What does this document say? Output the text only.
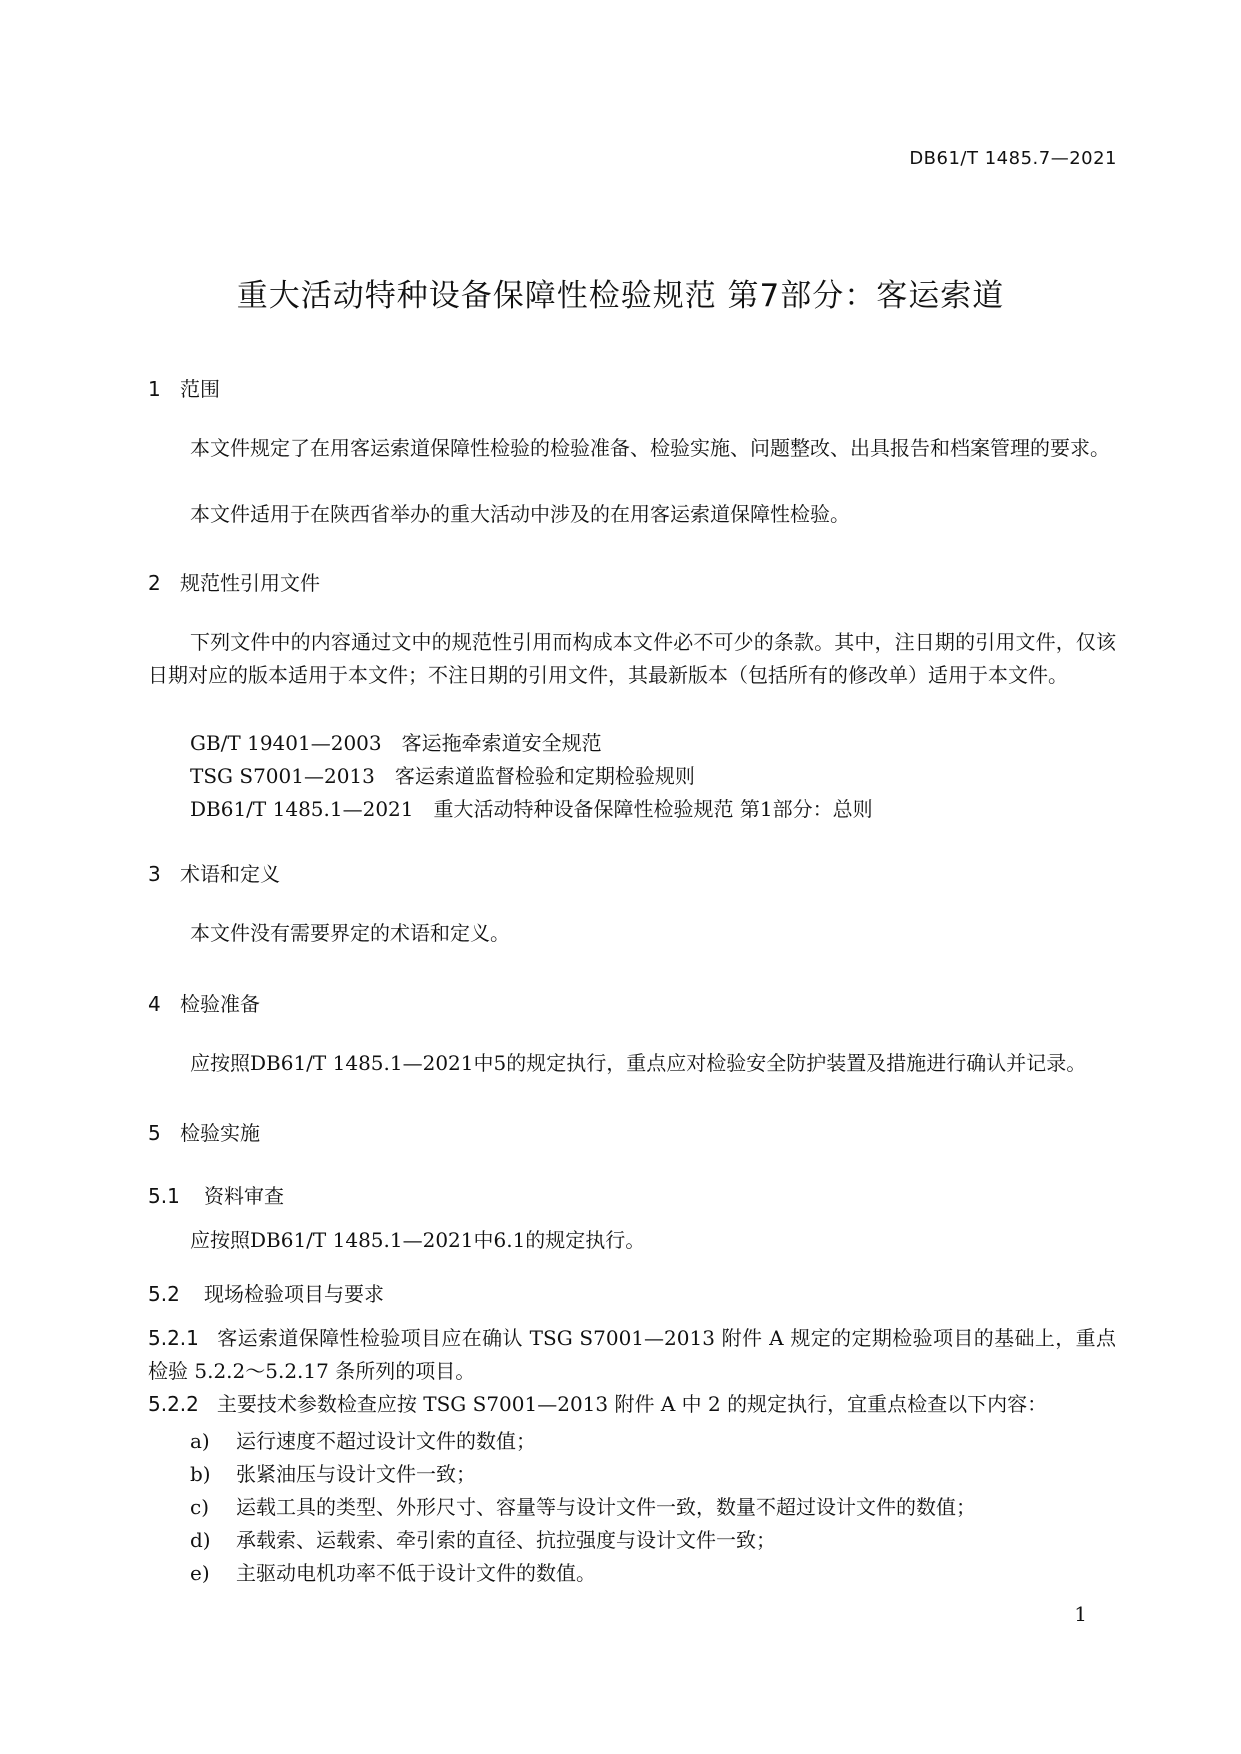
DB61/T 1485.7—2021
重大活动特种设备保障性检验规范 第7部分：客运索道
1 范围
本文件规定了在用客运索道保障性检验的检验准备、检验实施、问题整改、出具报告和档案管理的要求。
本文件适用于在陕西省举办的重大活动中涉及的在用客运索道保障性检验。
2 规范性引用文件
下列文件中的内容通过文中的规范性引用而构成本文件必不可少的条款。其中，注日期的引用文件，仅该日期对应的版本适用于本文件；不注日期的引用文件，其最新版本（包括所有的修改单）适用于本文件。
GB/T 19401—2003　客运拖牵索道安全规范
TSG S7001—2013　客运索道监督检验和定期检验规则
DB61/T 1485.1—2021　重大活动特种设备保障性检验规范 第1部分：总则
3 术语和定义
本文件没有需要界定的术语和定义。
4 检验准备
应按照DB61/T 1485.1—2021中5的规定执行，重点应对检验安全防护装置及措施进行确认并记录。
5 检验实施
5.1 资料审查
应按照DB61/T 1485.1—2021中6.1的规定执行。
5.2 现场检验项目与要求
5.2.1 客运索道保障性检验项目应在确认 TSG S7001—2013 附件 A 规定的定期检验项目的基础上，重点检验 5.2.2～5.2.17 条所列的项目。
5.2.2 主要技术参数检查应按 TSG S7001—2013 附件 A 中 2 的规定执行，宜重点检查以下内容：
a) 运行速度不超过设计文件的数值；
b) 张紧油压与设计文件一致；
c) 运载工具的类型、外形尺寸、容量等与设计文件一致，数量不超过设计文件的数值；
d) 承载索、运载索、牵引索的直径、抗拉强度与设计文件一致；
e) 主驱动电机功率不低于设计文件的数值。
1
